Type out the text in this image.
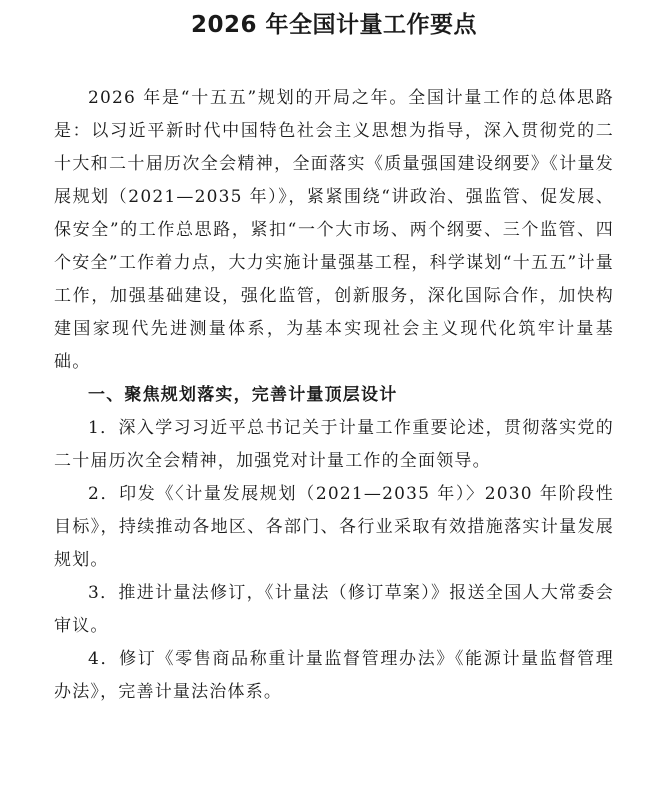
2026 年全国计量工作要点

2026 年是“十五五”规划的开局之年。全国计量工作的总体思路是：以习近平新时代中国特色社会主义思想为指导，深入贯彻党的二十大和二十届历次全会精神，全面落实《质量强国建设纲要》《计量发展规划（2021—2035 年）》，紧紧围绕“讲政治、强监管、促发展、保安全”的工作总思路，紧扣“一个大市场、两个纲要、三个监管、四个安全”工作着力点，大力实施计量强基工程，科学谋划“十五五”计量工作，加强基础建设，强化监管，创新服务，深化国际合作，加快构建国家现代先进测量体系，为基本实现社会主义现代化筑牢计量基础。

一、聚焦规划落实，完善计量顶层设计

1．深入学习习近平总书记关于计量工作重要论述，贯彻落实党的二十届历次全会精神，加强党对计量工作的全面领导。

2．印发《〈计量发展规划（2021—2035 年）〉2030 年阶段性目标》，持续推动各地区、各部门、各行业采取有效措施落实计量发展规划。

3．推进计量法修订，《计量法（修订草案）》报送全国人大常委会审议。

4．修订《零售商品称重计量监督管理办法》《能源计量监督管理办法》，完善计量法治体系。
